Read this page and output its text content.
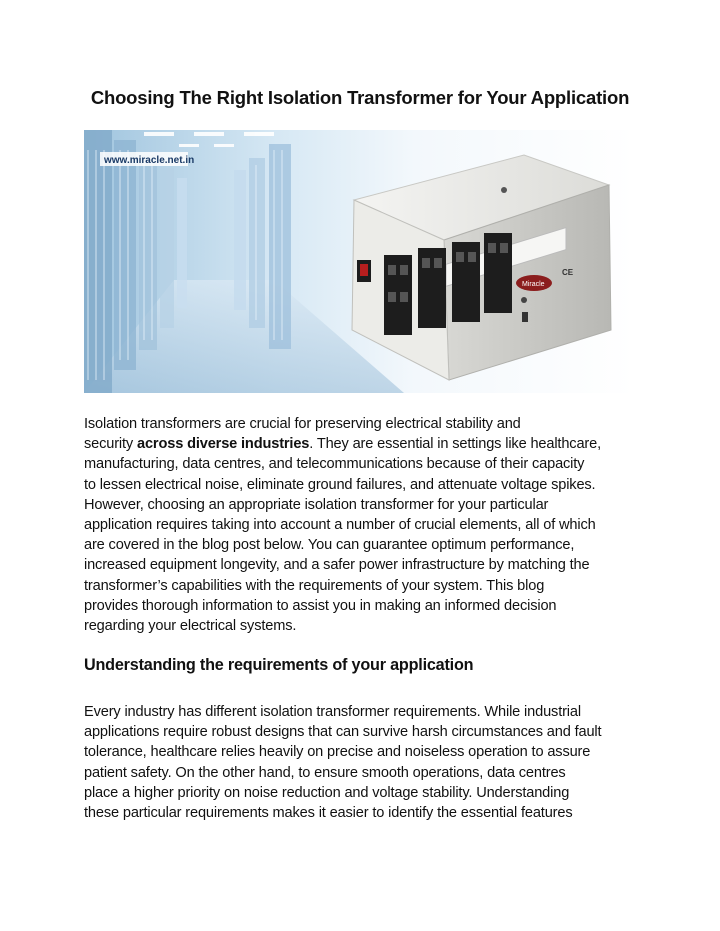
Choosing The Right Isolation Transformer for Your Application
www.miracle.net.in
Miracle
CE
Isolation transformers are crucial for preserving electrical stability and
security across diverse industries. They are essential in settings like healthcare,
manufacturing, data centres, and telecommunications because of their capacity
to lessen electrical noise, eliminate ground failures, and attenuate voltage spikes.
However, choosing an appropriate isolation transformer for your particular
application requires taking into account a number of crucial elements, all of which
are covered in the blog post below. You can guarantee optimum performance,
increased equipment longevity, and a safer power infrastructure by matching the
transformer’s capabilities with the requirements of your system. This blog
provides thorough information to assist you in making an informed decision
regarding your electrical systems.
Understanding the requirements of your application
Every industry has different isolation transformer requirements. While industrial
applications require robust designs that can survive harsh circumstances and fault
tolerance, healthcare relies heavily on precise and noiseless operation to assure
patient safety. On the other hand, to ensure smooth operations, data centres
place a higher priority on noise reduction and voltage stability. Understanding
these particular requirements makes it easier to identify the essential features
